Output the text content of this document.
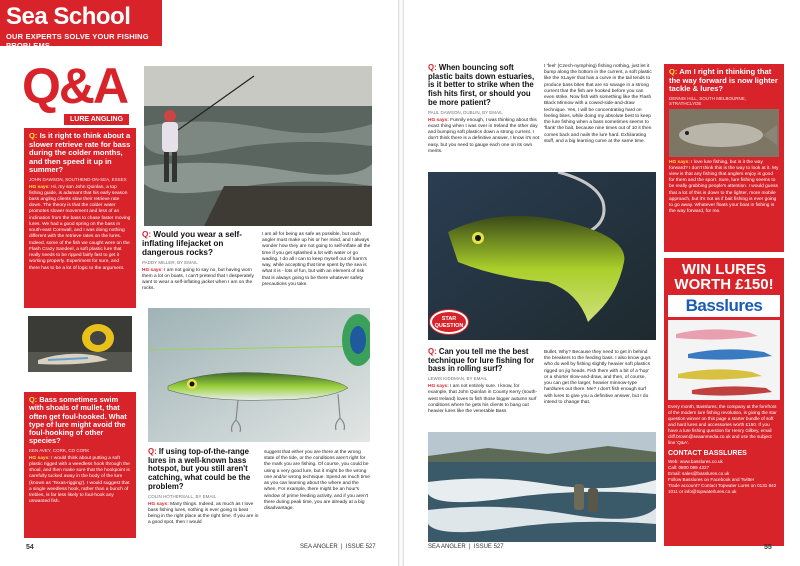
Sea School
OUR EXPERTS SOLVE YOUR FISHING PROBLEMS
Q&A
LURE ANGLING
Q: Is it right to think about a slower retrieve rate for bass during the colder months, and then speed it up in summer?
JOHN DAWSON, SOUTHEND-ON-SEA, ESSEX
HG says: Hi, my son John Quinlan, a top fishing guide, is adamant that his early season bass angling clients slow their retrieve rate down. The theory is that the colder water promotes slower movement and less of an inclination from the bass to chase faster moving lures. We had a good spring on the bass in south-east Cornwall, and I was doing nothing different with the retrieve rates on the lures. Indeed, some of the fish we caught were on the Flash Crazy Sandeel, a soft plastic lure that really needs to be ripped fairly fast to get it working properly. Experiment for sure, and there has to be a lot of logic to the argument.
Q: Bass sometimes swim with shoals of mullet, that often get foul-hooked. What type of lure might avoid the foul-hooking of other species?
KEN AVEY, CORK, CO CORK
HG says: I would think about putting a soft plastic rigged with a weedless hook through the shoal, and then make sure that the hookpoint is carefully tucked away in the body of the lure (known as 'Texas-rigging'). I would suggest that a single weedless hook, rather than a bunch of trebles, is far less likely to foul-hook any unwanted fish.
Q: Would you wear a self-inflating lifejacket on dangerous rocks?
PADDY MILLER, BY EMAIL
HG says: I am not going to say no, but having worn them a lot on boats, I can't pretend that I desperately want to wear a self-inflating jacket when I am on the rocks.
I am all for being as safe as possible, but each angler must make up his or her mind, and I always wonder how they are not going to self-inflate all the time if you get splashed a lot with water or go wading. I do all I can to keep myself out of harm's way, while accepting that time spent by the sea is what it is - lots of fun, but with an element of risk that is always going to be there whatever safety precautions you take.
Q: If using top-of-the-range lures in a well-known bass hotspot, but you still aren't catching, what could be the problem?
COLIN HOTHERSALL, BY EMAIL
HG says: Many things. Indeed, as much as I love bass fishing lures, nothing is ever going to beat being in the right place at the right time. If you are in a good spot, then I would
suggest that either you are there at the wrong state of the tide, or the conditions aren't right for the mark you are fishing. Of course, you could be using a very good lure, but it might be the wrong one and/or wrong technique. Spend as much time as you can learning about the where and the when. For example, there might be an hour's window of prime feeding activity, and if you aren't there during peak time, you are already at a big disadvantage.
54	SEA ANGLER  |  ISSUE 527
Q: When bouncing soft plastic baits down estuaries, is it better to strike when the fish hits first, or should you be more patient?
PAUL DAWSON, DUBLIN, BY EMAIL
HG says: Funnily enough, I was thinking about this exact thing when I was over in Ireland the other day and bumping soft plastics down a strong current. I don't think there is a definitive answer, I know it's not easy, but you need to gauge each one on its own merits.
I 'feel' (Czech-nymphing) fishing nothing, just let it bump along the bottom in the current, a soft plastic like the XLayer that has a curve in the tail tends to produce bass bites that are so savage in a strong current that the fish are hooked before you can even strike. Now fish with something like the Flash Black Minnow with a cowed-side-and-draw technique. Yes, I will be concentrating hard on feeling bites, while doing my absolute best to keep the lure fishing when a bass sometimes seems to 'flank' the bait, because nine times out of 10 it then comes back and nails the lure hard. Exhilarating stuff, and a big learning curve at the same time.
STAR
QUESTION
Q: Can you tell me the best technique for lure fishing for bass in rolling surf?
LEWIS KIDDMAN, BY EMAIL
HG says: I am not entirely sure. I know, for example, that John Quinlan in County Kerry (south-west Ireland) loves to fish those bigger autumn surf conditions where he gets his clients to bang out heavier lures like the venerable Bass
Bullet. Why? Because they need to get in behind the breakers to the feeding bass. I also know guys who do well by fishing slightly heavier soft plastics rigged on jig heads. Fish them with a bit of a 'hop' or a shorter slow-and-draw, and then, of course, you can get the larger, heavier minnow-type hardlures out there. Me? I don't fish enough surf with lures to give you a definitive answer, but I do intend to change that.
Q: Am I right in thinking that the way forward is now lighter tackle & lures?
DENNIS HILL, SOUTH MELBOURNE, STRATHCLYDE
HG says: I love lure fishing, but is it the way forward? I don't think this is the way to look at it. My view is that any fishing that anglers enjoy is good for them and the sport. Sure, lure fishing seems to be really grabbing people's attention. I would guess that a lot of this is down to the lighter, more mobile approach, but it's not as if bait fishing is ever going to go away. Whatever floats your boat in fishing is the way forward, for me.
WIN LURES WORTH £150!
Basslures
Every month, Basslures, the company at the forefront of the modern lure fishing revolution, is giving the star question winner on this page a starter bundle of soft and hard lures and accessories worth £150. If you have a lure fishing question for Henry Gilbey, email cliff.brown@seaanmedia.co.uk and use the subject line 'Q&A'.
CONTACT BASSLURES
Web: www.basslures.co.uk
Call: 0800 089 4227
Email: sales@basslures.co.uk
Follow Basslures on Facebook and Twitter
Trade account? Contact Topwater Lures on 0131 842 1011 or info@topwaterlures.co.uk
SEA ANGLER  |  ISSUE 527	55
